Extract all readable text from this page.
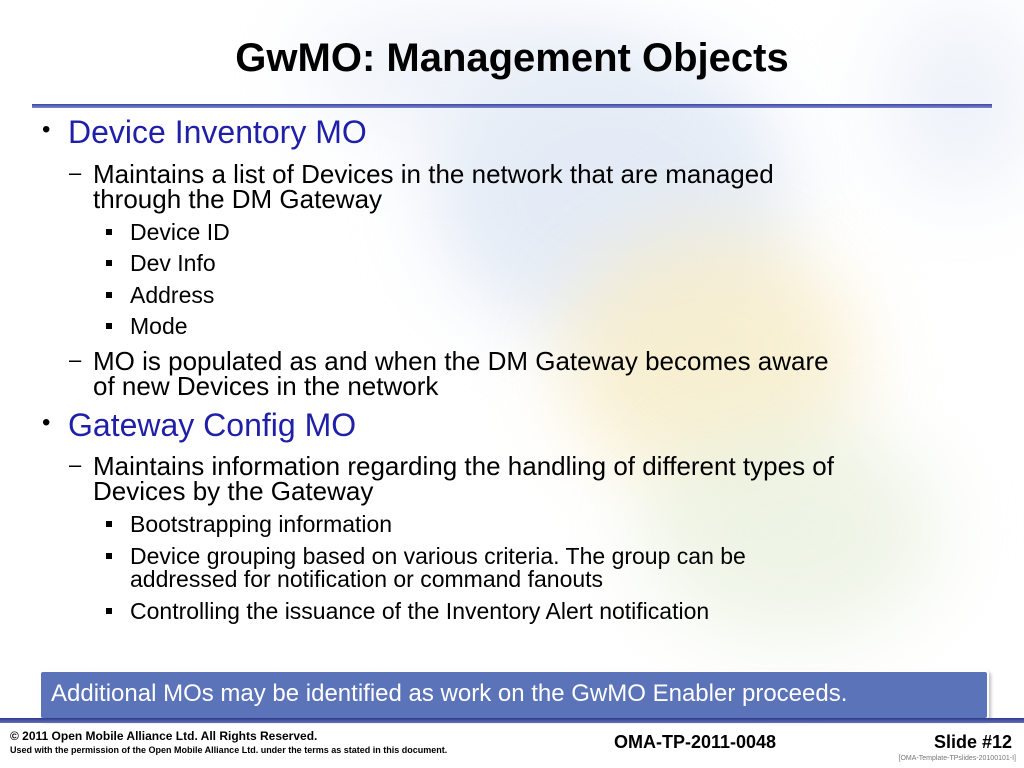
GwMO: Management Objects
• Device Inventory MO
– Maintains a list of Devices in the network that are managed
through the DM Gateway
Device ID
Dev Info
Address
Mode
– MO is populated as and when the DM Gateway becomes aware
of new Devices in the network
• Gateway Config MO
– Maintains information regarding the handling of different types of
Devices by the Gateway
Bootstrapping information
Device grouping based on various criteria. The group can be
addressed for notification or command fanouts
Controlling the issuance of the Inventory Alert notification
Additional MOs may be identified as work on the GwMO Enabler proceeds.
© 2011 Open Mobile Alliance Ltd. All Rights Reserved.
Used with the permission of the Open Mobile Alliance Ltd. under the terms as stated in this document.	OMA-TP-2011-0048	Slide #12
[OMA-Template-TPslides-20100101-I]
